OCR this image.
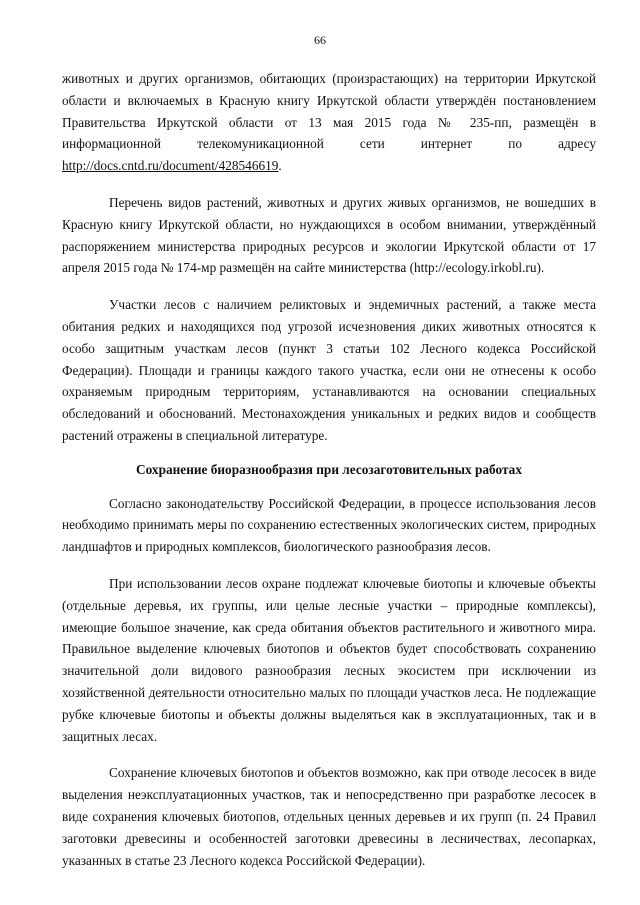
66

животных и других организмов, обитающих (произрастающих) на территории Иркутской области и включаемых в Красную книгу Иркутской области утверждён постановлением Правительства Иркутской области от 13 мая 2015 года № 235-пп, размещён в информационной телекомуникационной сети интернет по адресу http://docs.cntd.ru/document/428546619.

Перечень видов растений, животных и других живых организмов, не вошедших в Красную книгу Иркутской области, но нуждающихся в особом внимании, утверждённый распоряжением министерства природных ресурсов и экологии Иркутской области от 17 апреля 2015 года № 174-мр размещён на сайте министерства (http://ecology.irkobl.ru).

Участки лесов с наличием реликтовых и эндемичных растений, а также места обитания редких и находящихся под угрозой исчезновения диких животных относятся к особо защитным участкам лесов (пункт 3 статьи 102 Лесного кодекса Российской Федерации). Площади и границы каждого такого участка, если они не отнесены к особо охраняемым природным территориям, устанавливаются на основании специальных обследований и обоснований. Местонахождения уникальных и редких видов и сообществ растений отражены в специальной литературе.

Сохранение биоразнообразия при лесозаготовительных работах

Согласно законодательству Российской Федерации, в процессе использования лесов необходимо принимать меры по сохранению естественных экологических систем, природных ландшафтов и природных комплексов, биологического разнообразия лесов.

При использовании лесов охране подлежат ключевые биотопы и ключевые объекты (отдельные деревья, их группы, или целые лесные участки – природные комплексы), имеющие большое значение, как среда обитания объектов растительного и животного мира. Правильное выделение ключевых биотопов и объектов будет способствовать сохранению значительной доли видового разнообразия лесных экосистем при исключении из хозяйственной деятельности относительно малых по площади участков леса. Не подлежащие рубке ключевые биотопы и объекты должны выделяться как в эксплуатационных, так и в защитных лесах.

Сохранение ключевых биотопов и объектов возможно, как при отводе лесосек в виде выделения неэксплуатационных участков, так и непосредственно при разработке лесосек в виде сохранения ключевых биотопов, отдельных ценных деревьев и их групп (п. 24 Правил заготовки древесины и особенностей заготовки древесины в лесничествах, лесопарках, указанных в статье 23 Лесного кодекса Российской Федерации).
